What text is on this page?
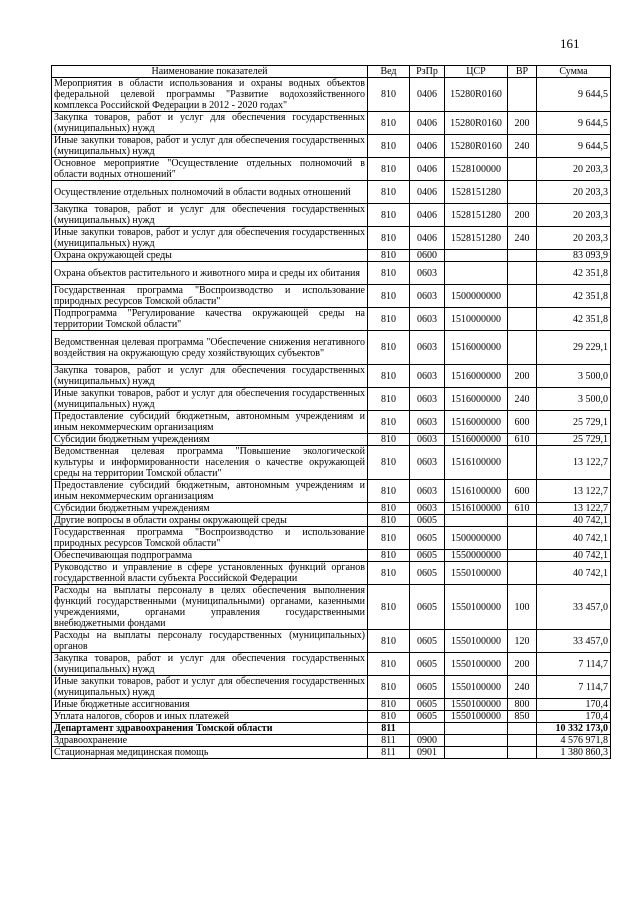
161
Наименование показателей	Вед	РзПр	ЦСР	ВР	Сумма
Мероприятия в области использования и охраны водных объектов федеральной целевой программы "Развитие водохозяйственного комплекса Российской Федерации в 2012 - 2020 годах"	810	0406	15280R0160		9 644,5
Закупка товаров, работ и услуг для обеспечения государственных (муниципальных) нужд	810	0406	15280R0160	200	9 644,5
Иные закупки товаров, работ и услуг для обеспечения государственных (муниципальных) нужд	810	0406	15280R0160	240	9 644,5
Основное мероприятие "Осуществление отдельных полномочий в области водных отношений"	810	0406	1528100000		20 203,3
Осуществление отдельных полномочий в области водных отношений	810	0406	1528151280		20 203,3
Закупка товаров, работ и услуг для обеспечения государственных (муниципальных) нужд	810	0406	1528151280	200	20 203,3
Иные закупки товаров, работ и услуг для обеспечения государственных (муниципальных) нужд	810	0406	1528151280	240	20 203,3
Охрана окружающей среды	810	0600			83 093,9
Охрана объектов растительного и животного мира и среды их обитания	810	0603			42 351,8
Государственная программа "Воспроизводство и использование природных ресурсов Томской области"	810	0603	1500000000		42 351,8
Подпрограмма "Регулирование качества окружающей среды на территории Томской области"	810	0603	1510000000		42 351,8
Ведомственная целевая программа "Обеспечение снижения негативного воздействия на окружающую среду хозяйствующих субъектов"	810	0603	1516000000		29 229,1
Закупка товаров, работ и услуг для обеспечения государственных (муниципальных) нужд	810	0603	1516000000	200	3 500,0
Иные закупки товаров, работ и услуг для обеспечения государственных (муниципальных) нужд	810	0603	1516000000	240	3 500,0
Предоставление субсидий бюджетным, автономным учреждениям и иным некоммерческим организациям	810	0603	1516000000	600	25 729,1
Субсидии бюджетным учреждениям	810	0603	1516000000	610	25 729,1
Ведомственная целевая программа "Повышение экологической культуры и информированности населения о качестве окружающей среды на территории Томской области"	810	0603	1516100000		13 122,7
Предоставление субсидий бюджетным, автономным учреждениям и иным некоммерческим организациям	810	0603	1516100000	600	13 122,7
Субсидии бюджетным учреждениям	810	0603	1516100000	610	13 122,7
Другие вопросы в области охраны окружающей среды	810	0605			40 742,1
Государственная программа "Воспроизводство и использование природных ресурсов Томской области"	810	0605	1500000000		40 742,1
Обеспечивающая подпрограмма	810	0605	1550000000		40 742,1
Руководство и управление в сфере установленных функций органов государственной власти субъекта Российской Федерации	810	0605	1550100000		40 742,1
Расходы на выплаты персоналу в целях обеспечения выполнения функций государственными (муниципальными) органами, казенными учреждениями, органами управления государственными внебюджетными фондами	810	0605	1550100000	100	33 457,0
Расходы на выплаты персоналу государственных (муниципальных) органов	810	0605	1550100000	120	33 457,0
Закупка товаров, работ и услуг для обеспечения государственных (муниципальных) нужд	810	0605	1550100000	200	7 114,7
Иные закупки товаров, работ и услуг для обеспечения государственных (муниципальных) нужд	810	0605	1550100000	240	7 114,7
Иные бюджетные ассигнования	810	0605	1550100000	800	170,4
Уплата налогов, сборов и иных платежей	810	0605	1550100000	850	170,4
Департамент здравоохранения Томской области	811				10 332 173,0
Здравоохранение	811	0900			4 576 971,8
Стационарная медицинская помощь	811	0901			1 380 860,3
